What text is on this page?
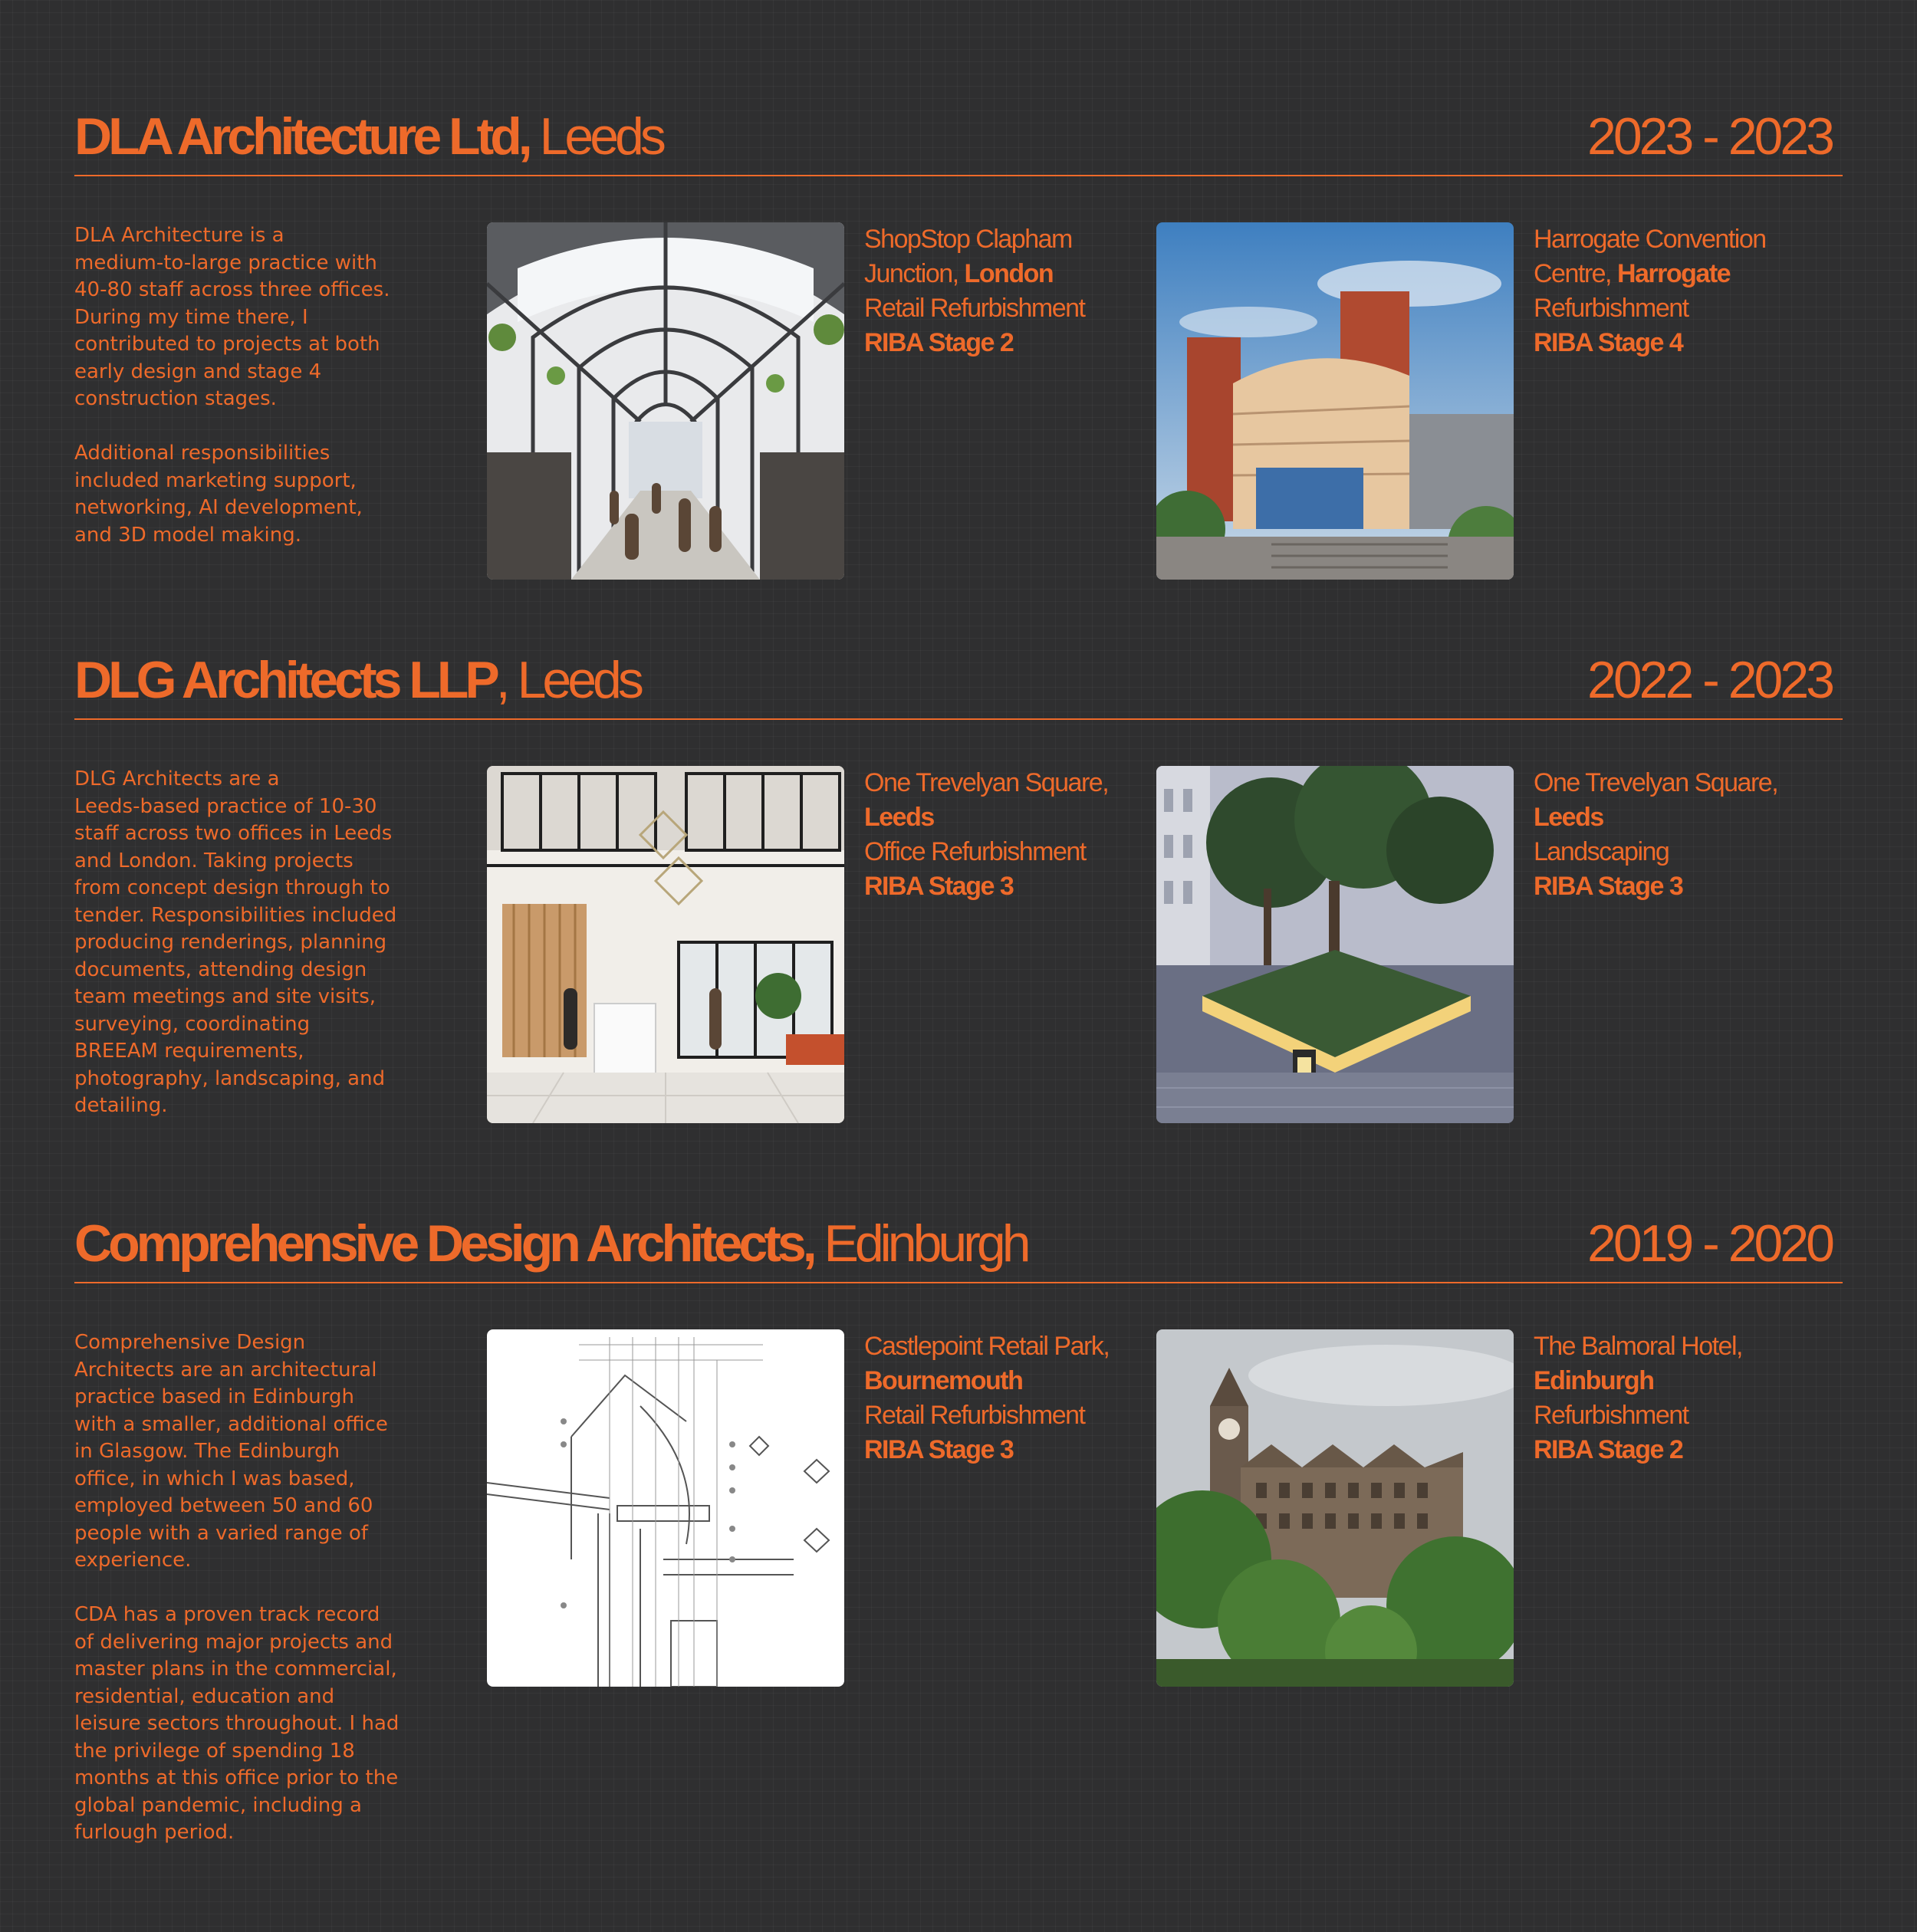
DLA Architecture Ltd, Leeds	2023 - 2023
DLA Architecture is a
medium-to-large practice with
40-80 staff across three offices.
During my time there, I
contributed to projects at both
early design and stage 4
construction stages.

Additional responsibilities
included marketing support,
networking, AI development,
and 3D model making.
ShopStop Clapham
Junction, London
Retail Refurbishment
RIBA Stage 2
Harrogate Convention
Centre, Harrogate
Refurbishment
RIBA Stage 4
DLG Architects LLP, Leeds	2022 - 2023
DLG Architects are a
Leeds-based practice of 10-30
staff across two offices in Leeds
and London. Taking projects
from concept design through to
tender. Responsibilities included
producing renderings, planning
documents, attending design
team meetings and site visits,
surveying, coordinating
BREEAM requirements,
photography, landscaping, and
detailing.
One Trevelyan Square,
Leeds
Office Refurbishment
RIBA Stage 3
One Trevelyan Square,
Leeds
Landscaping
RIBA Stage 3
Comprehensive Design Architects, Edinburgh	2019 - 2020
Comprehensive Design
Architects are an architectural
practice based in Edinburgh
with a smaller, additional office
in Glasgow. The Edinburgh
office, in which I was based,
employed between 50 and 60
people with a varied range of
experience.

CDA has a proven track record
of delivering major projects and
master plans in the commercial,
residential, education and
leisure sectors throughout. I had
the privilege of spending 18
months at this office prior to the
global pandemic, including a
furlough period.
Castlepoint Retail Park,
Bournemouth
Retail Refurbishment
RIBA Stage 3
The Balmoral Hotel,
Edinburgh
Refurbishment
RIBA Stage 2
